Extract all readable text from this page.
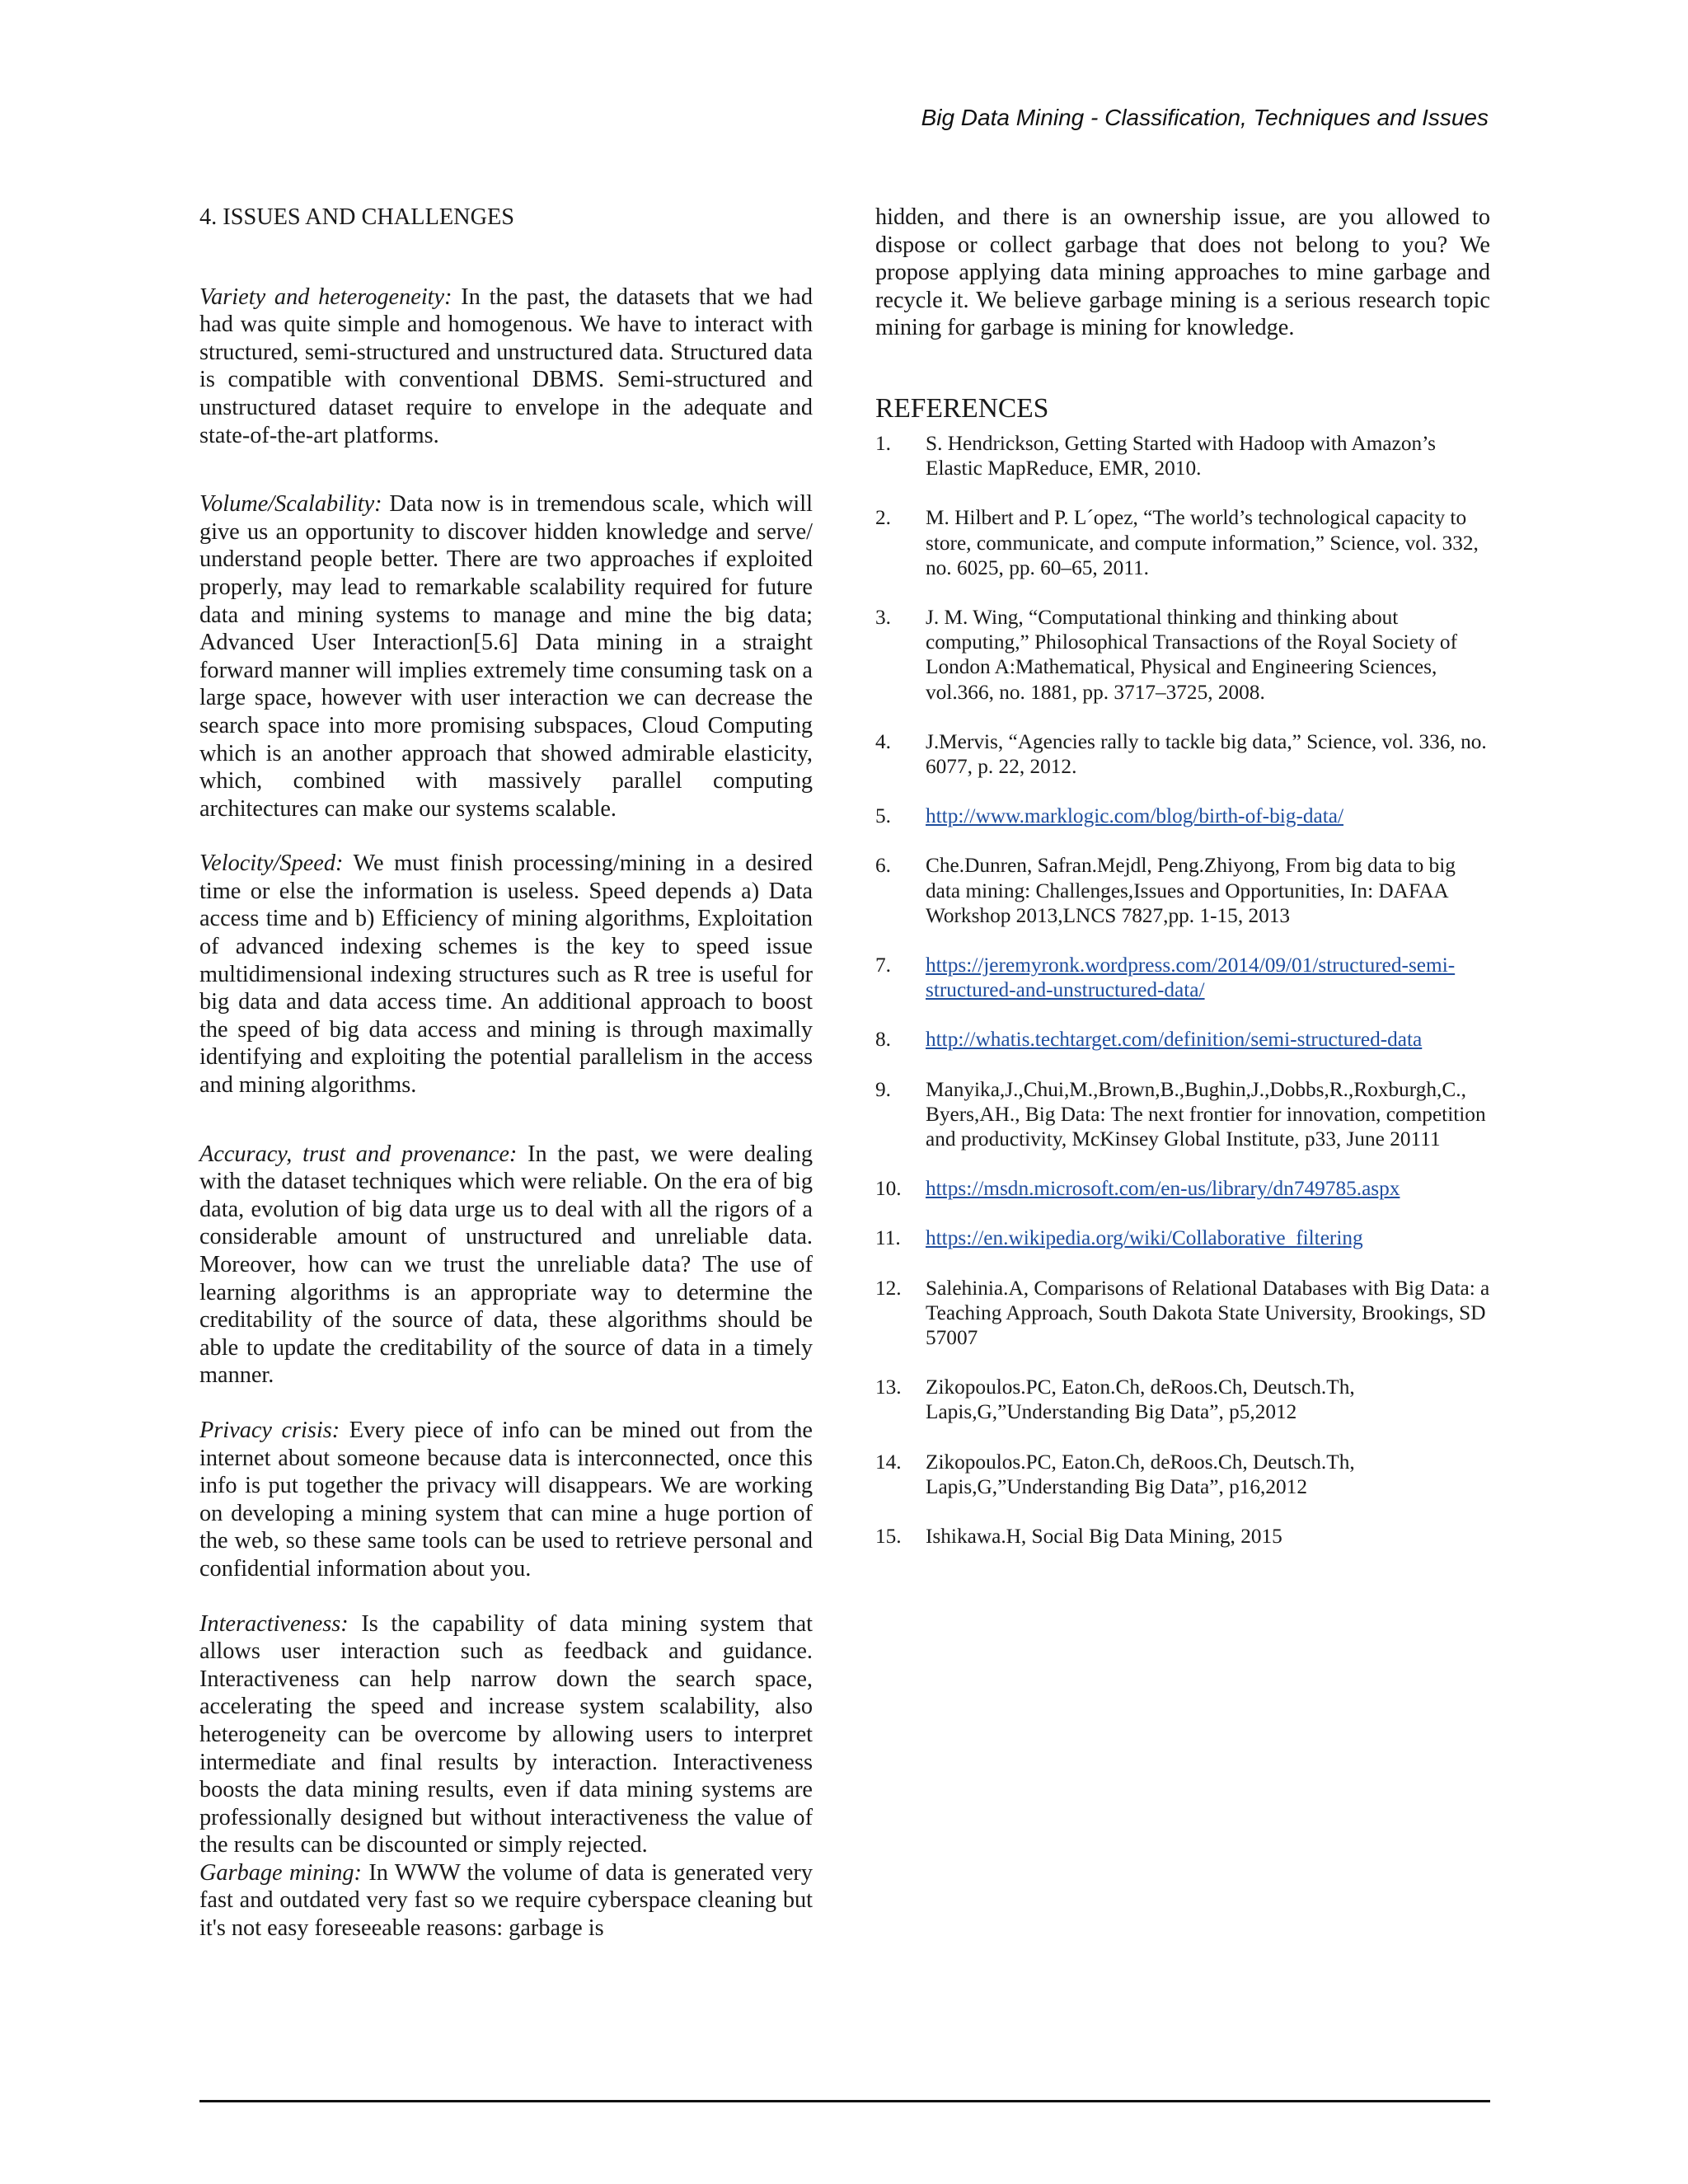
Big Data Mining - Classification, Techniques and Issues
4. ISSUES AND CHALLENGES

Variety and heterogeneity: In the past, the datasets that we had had was quite simple and homogenous. We have to interact with structured, semi-structured and unstructured data. Structured data is compatible with conventional DBMS. Semi-structured and unstructured dataset require to envelope in the adequate and state-of-the-art platforms.

Volume/Scalability: Data now is in tremendous scale, which will give us an opportunity to discover hidden knowledge and serve/ understand people better. There are two approaches if exploited properly, may lead to remarkable scalability required for future data and mining systems to manage and mine the big data; Advanced User Interaction[5.6] Data mining in a straight forward manner will implies extremely time consuming task on a large space, however with user interaction we can decrease the search space into more promising subspaces, Cloud Computing which is an another approach that showed admirable elasticity, which, combined with massively parallel computing architectures can make our systems scalable.

Velocity/Speed: We must finish processing/mining in a desired time or else the information is useless. Speed depends a) Data access time and b) Efficiency of mining algorithms, Exploitation of advanced indexing schemes is the key to speed issue multidimensional indexing structures such as R tree is useful for big data and data access time. An additional approach to boost the speed of big data access and mining is through maximally identifying and exploiting the potential parallelism in the access and mining algorithms.

Accuracy, trust and provenance: In the past, we were dealing with the dataset techniques which were reliable. On the era of big data, evolution of big data urge us to deal with all the rigors of a considerable amount of unstructured and unreliable data. Moreover, how can we trust the unreliable data? The use of learning algorithms is an appropriate way to determine the creditability of the source of data, these algorithms should be able to update the creditability of the source of data in a timely manner.

Privacy crisis: Every piece of info can be mined out from the internet about someone because data is interconnected, once this info is put together the privacy will disappears. We are working on developing a mining system that can mine a huge portion of the web, so these same tools can be used to retrieve personal and confidential information about you.

Interactiveness: Is the capability of data mining system that allows user interaction such as feedback and guidance. Interactiveness can help narrow down the search space, accelerating the speed and increase system scalability, also heterogeneity can be overcome by allowing users to interpret intermediate and final results by interaction. Interactiveness boosts the data mining results, even if data mining systems are professionally designed but without interactiveness the value of the results can be discounted or simply rejected.

Garbage mining: In WWW the volume of data is generated very fast and outdated very fast so we require cyberspace cleaning but it's not easy foreseeable reasons: garbage is

hidden, and there is an ownership issue, are you allowed to dispose or collect garbage that does not belong to you? We propose applying data mining approaches to mine garbage and recycle it. We believe garbage mining is a serious research topic mining for garbage is mining for knowledge.

REFERENCES
1. S. Hendrickson, Getting Started with Hadoop with Amazon’s Elastic MapReduce, EMR, 2010.
2. M. Hilbert and P. L´opez, “The world’s technological capacity to store, communicate, and compute information,” Science, vol. 332, no. 6025, pp. 60–65, 2011.
3. J. M. Wing, “Computational thinking and thinking about computing,” Philosophical Transactions of the Royal Society of London A:Mathematical, Physical and Engineering Sciences, vol.366, no. 1881, pp. 3717–3725, 2008.
4. J.Mervis, “Agencies rally to tackle big data,” Science, vol. 336, no. 6077, p. 22, 2012.
5. http://www.marklogic.com/blog/birth-of-big-data/
6. Che.Dunren, Safran.Mejdl, Peng.Zhiyong, From big data to big data mining: Challenges,Issues and Opportunities, In: DAFAA Workshop 2013,LNCS 7827,pp. 1-15, 2013
7. https://jeremyronk.wordpress.com/2014/09/01/structured-semi-structured-and-unstructured-data/
8. http://whatis.techtarget.com/definition/semi-structured-data
9. Manyika,J.,Chui,M.,Brown,B.,Bughin,J.,Dobbs,R.,Roxburgh,C., Byers,AH., Big Data: The next frontier for innovation, competition and productivity, McKinsey Global Institute, p33, June 20111
10. https://msdn.microsoft.com/en-us/library/dn749785.aspx
11. https://en.wikipedia.org/wiki/Collaborative_filtering
12. Salehinia.A, Comparisons of Relational Databases with Big Data: a Teaching Approach, South Dakota State University, Brookings, SD 57007
13. Zikopoulos.PC, Eaton.Ch, deRoos.Ch, Deutsch.Th, Lapis,G,”Understanding Big Data”, p5,2012
14. Zikopoulos.PC, Eaton.Ch, deRoos.Ch, Deutsch.Th, Lapis,G,”Understanding Big Data”, p16,2012
15. Ishikawa.H, Social Big Data Mining, 2015
